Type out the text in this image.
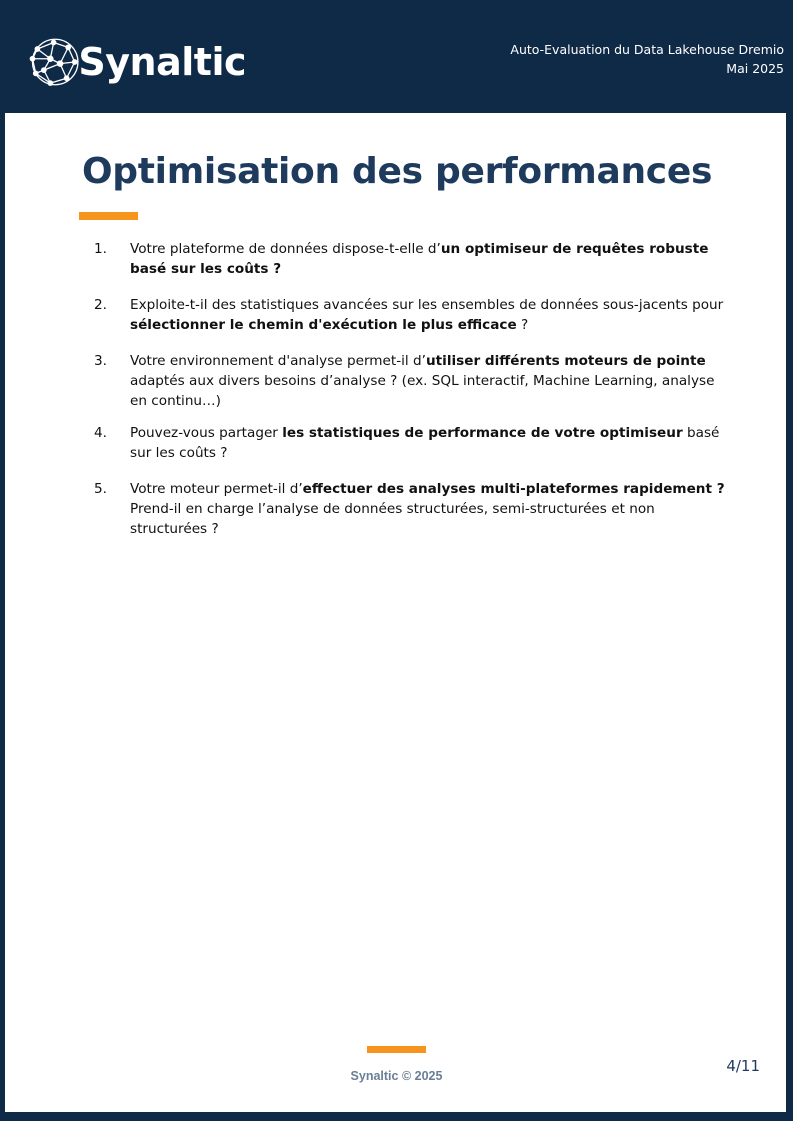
Synaltic	Auto-Evaluation du Data Lakehouse Dremio
Mai 2025
Optimisation des performances
1.	Votre plateforme de données dispose-t-elle d’un optimiseur de requêtes robuste basé sur les coûts ?
2.	Exploite-t-il des statistiques avancées sur les ensembles de données sous-jacents pour sélectionner le chemin d'exécution le plus efficace ?
3.	Votre environnement d'analyse permet-il d’utiliser différents moteurs de pointe adaptés aux divers besoins d’analyse ? (ex. SQL interactif, Machine Learning, analyse en continu…)
4.	Pouvez-vous partager les statistiques de performance de votre optimiseur basé sur les coûts ?
5.	Votre moteur permet-il d’effectuer des analyses multi-plateformes rapidement ? Prend-il en charge l’analyse de données structurées, semi-structurées et non structurées ?
Synaltic © 2025
4/11
